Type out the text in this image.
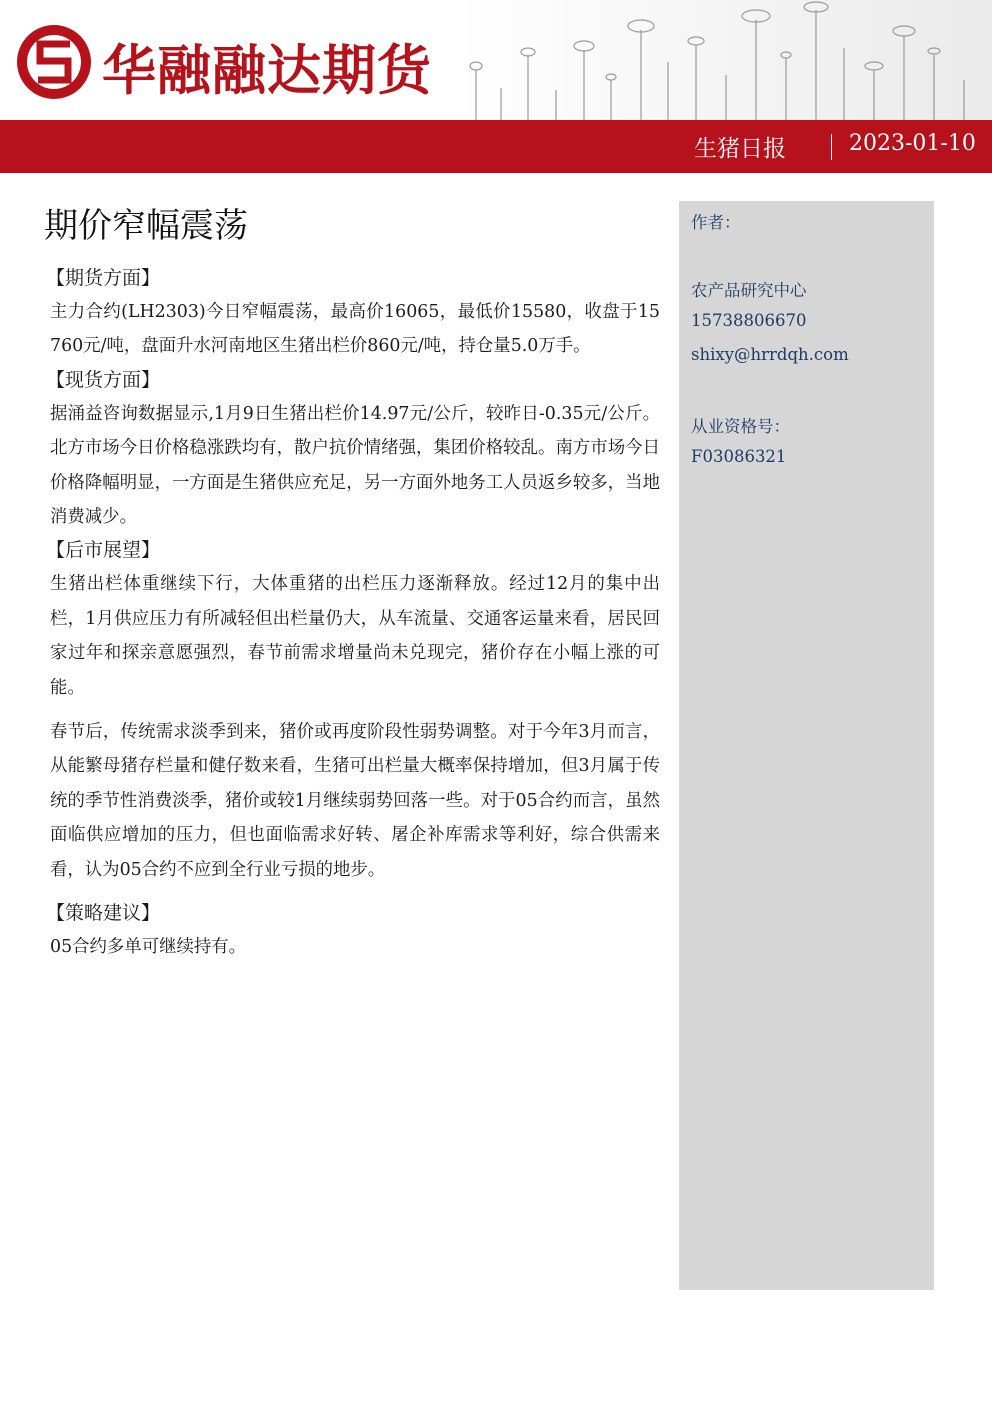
华融融达期货
生猪日报	2023-01-10
期价窄幅震荡
【期货方面】

主力合约(LH2303)今日窄幅震荡，最高价16065，最低价15580，收盘于15760元/吨，盘面升水河南地区生猪出栏价860元/吨，持仓量5.0万手。

【现货方面】

据涌益咨询数据显示,1月9日生猪出栏价14.97元/公斤，较昨日-0.35元/公斤。北方市场今日价格稳涨跌均有，散户抗价情绪强，集团价格较乱。南方市场今日价格降幅明显，一方面是生猪供应充足，另一方面外地务工人员返乡较多，当地消费减少。

【后市展望】

生猪出栏体重继续下行，大体重猪的出栏压力逐渐释放。经过12月的集中出栏，1月供应压力有所减轻但出栏量仍大，从车流量、交通客运量来看，居民回家过年和探亲意愿强烈，春节前需求增量尚未兑现完，猪价存在小幅上涨的可能。

春节后，传统需求淡季到来，猪价或再度阶段性弱势调整。对于今年3月而言，从能繁母猪存栏量和健仔数来看，生猪可出栏量大概率保持增加，但3月属于传统的季节性消费淡季，猪价或较1月继续弱势回落一些。对于05合约而言，虽然面临供应增加的压力，但也面临需求好转、屠企补库需求等利好，综合供需来看，认为05合约不应到全行业亏损的地步。

【策略建议】

05合约多单可继续持有。

作者：
农产品研究中心
15738806670
shixy@hrrdqh.com
从业资格号：
F03086321
